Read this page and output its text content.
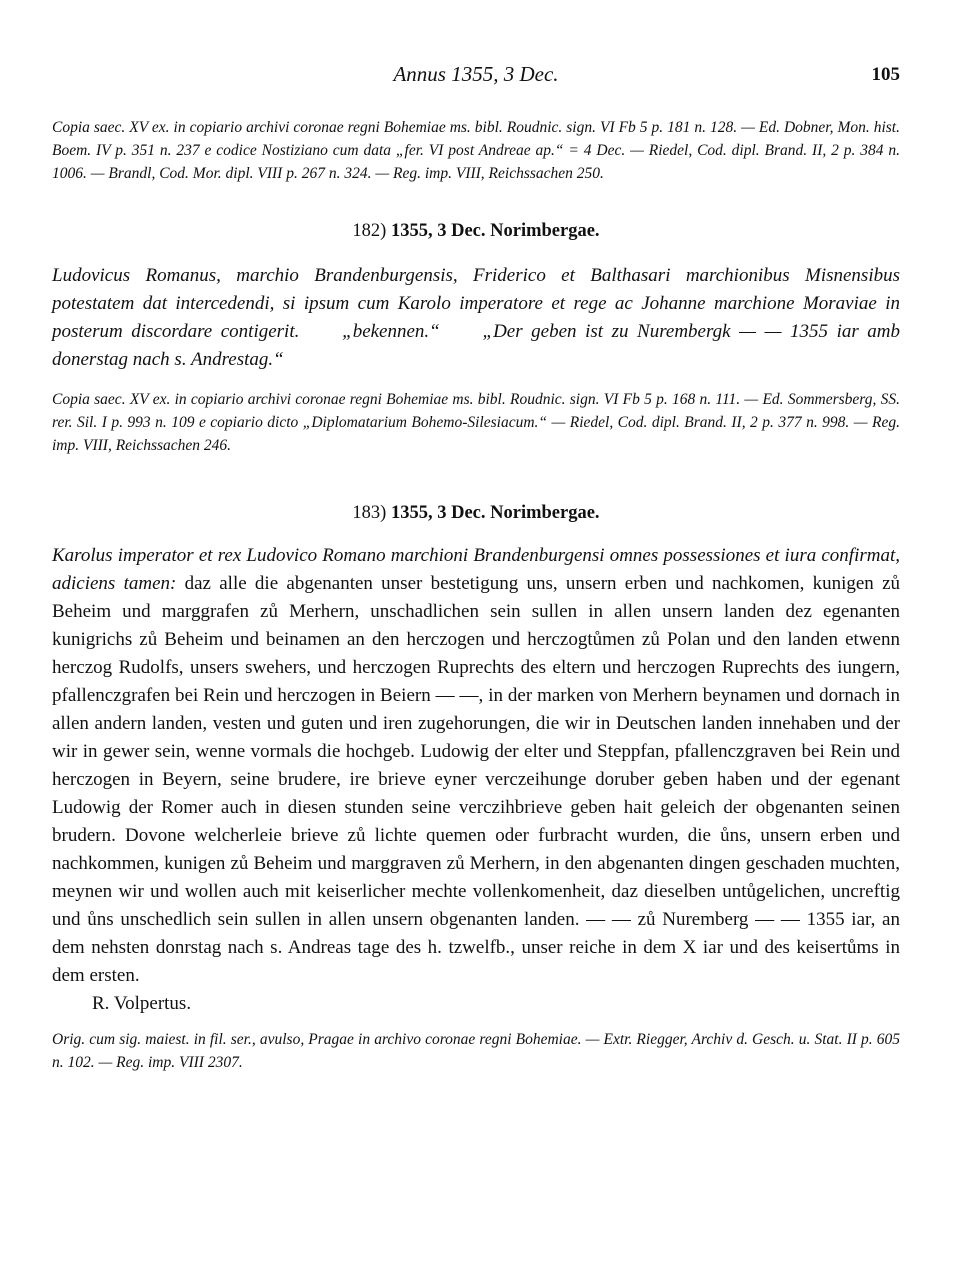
Annus 1355, 3 Dec.	105

Copia saec. XV ex. in copiario archivi coronae regni Bohemiae ms. bibl. Roudnic. sign. VI Fb 5 p. 181 n. 128. — Ed. Dobner, Mon. hist. Boem. IV p. 351 n. 237 e codice Nostiziano cum data „fer. VI post Andreae ap.“ = 4 Dec. — Riedel, Cod. dipl. Brand. II, 2 p. 384 n. 1006. — Brandl, Cod. Mor. dipl. VIII p. 267 n. 324. — Reg. imp. VIII, Reichssachen 250.

182) 1355, 3 Dec. Norimbergae.

Ludovicus Romanus, marchio Brandenburgensis, Friderico et Balthasari marchionibus Misnensibus potestatem dat intercedendi, si ipsum cum Karolo imperatore et rege ac Johanne marchione Moraviae in posterum discordare contigerit. „bekennen.“ „Der geben ist zu Nurembergk — — 1355 iar amb donerstag nach s. Andrestag.“

Copia saec. XV ex. in copiario archivi coronae regni Bohemiae ms. bibl. Roudnic. sign. VI Fb 5 p. 168 n. 111. — Ed. Sommersberg, SS. rer. Sil. I p. 993 n. 109 e copiario dicto „Diplomatarium Bohemo-Silesiacum.“ — Riedel, Cod. dipl. Brand. II, 2 p. 377 n. 998. — Reg. imp. VIII, Reichssachen 246.

183) 1355, 3 Dec. Norimbergae.

Karolus imperator et rex Ludovico Romano marchioni Brandenburgensi omnes possessiones et iura confirmat, adiciens tamen: daz alle die abgenanten unser bestetigung uns, unsern erben und nachkomen, kunigen zů Beheim und marggrafen zů Merhern, unschadlichen sein sullen in allen unsern landen dez egenanten kunigrichs zů Beheim und beinamen an den herczogen und herczogtůmen zů Polan und den landen etwenn herczog Rudolfs, unsers swehers, und herczogen Ruprechts des eltern und herczogen Ruprechts des iungern, pfallenczgrafen bei Rein und herczogen in Beiern — —, in der marken von Merhern beynamen und dornach in allen andern landen, vesten und guten und iren zugehorungen, die wir in Deutschen landen innehaben und der wir in gewer sein, wenne vormals die hochgeb. Ludowig der elter und Steppfan, pfallenczgraven bei Rein und herczogen in Beyern, seine brudere, ire brieve eyner verczeihunge doruber geben haben und der egenant Ludowig der Romer auch in diesen stunden seine verczihbrieve geben hait geleich der obgenanten seinen brudern. Dovone welcherleie brieve zů lichte quemen oder furbracht wurden, die ůns, unsern erben und nachkommen, kunigen zů Beheim und marggraven zů Merhern, in den abgenanten dingen geschaden muchten, meynen wir und wollen auch mit keiserlicher mechte vollenkomenheit, daz dieselben untůgelichen, uncreftig und ůns unschedlich sein sullen in allen unsern obgenanten landen. — — zů Nuremberg — — 1355 iar, an dem nehsten donrstag nach s. Andreas tage des h. tzwelfb., unser reiche in dem X iar und des keisertůms in dem ersten.

R. Volpertus.

Orig. cum sig. maiest. in fil. ser., avulso, Pragae in archivo coronae regni Bohemiae. — Extr. Riegger, Archiv d. Gesch. u. Stat. II p. 605 n. 102. — Reg. imp. VIII 2307.
